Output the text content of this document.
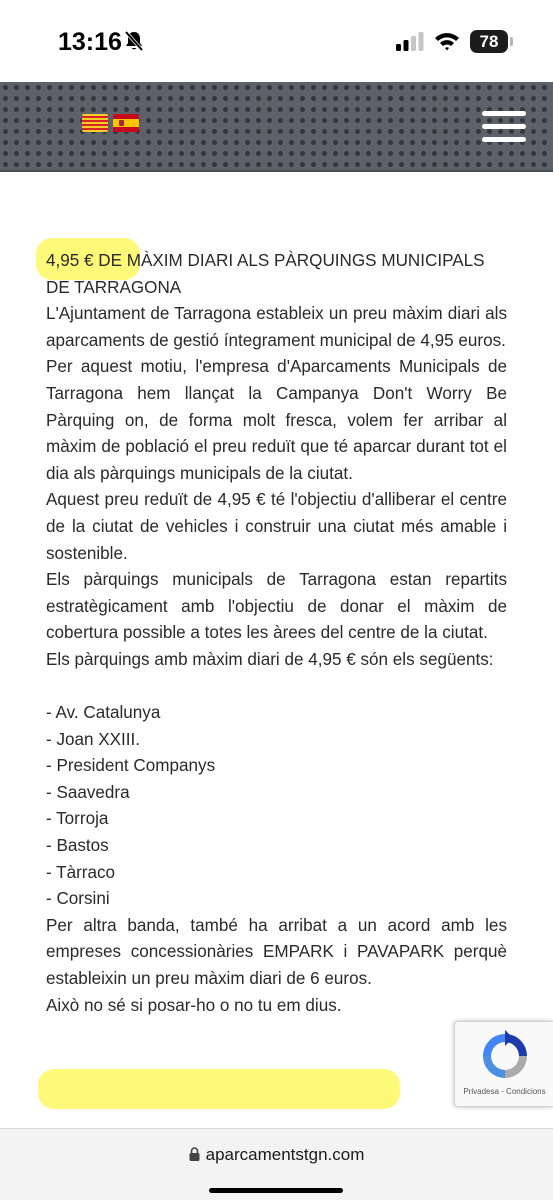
13:16	78

4,95 € DE MÀXIM DIARI ALS PÀRQUINGS MUNICIPALS DE TARRAGONA

L'Ajuntament de Tarragona estableix un preu màxim diari als aparcaments de gestió íntegrament municipal de 4,95 euros.

Per aquest motiu, l'empresa d'Aparcaments Municipals de Tarragona hem llançat la Campanya Don't Worry Be Pàrquing on, de forma molt fresca, volem fer arribar al màxim de població el preu reduït que té aparcar durant tot el dia als pàrquings municipals de la ciutat.

Aquest preu reduït de 4,95 € té l'objectiu d'alliberar el centre de la ciutat de vehicles i construir una ciutat més amable i sostenible.

Els pàrquings municipals de Tarragona estan repartits estratègicament amb l'objectiu de donar el màxim de cobertura possible a totes les àrees del centre de la ciutat.

Els pàrquings amb màxim diari de 4,95 € són els següents:

- Av. Catalunya

- Joan XXIII.

- President Companys

- Saavedra

- Torroja

- Bastos

- Tàrraco

- Corsini

Per altra banda, també ha arribat a un acord amb les empreses concessionàries EMPARK i PAVAPARK perquè estableixin un preu màxim diari de 6 euros.

Això no sé si posar-ho o no tu em dius.

Privadesa - Condicions
aparcamentstgn.com
